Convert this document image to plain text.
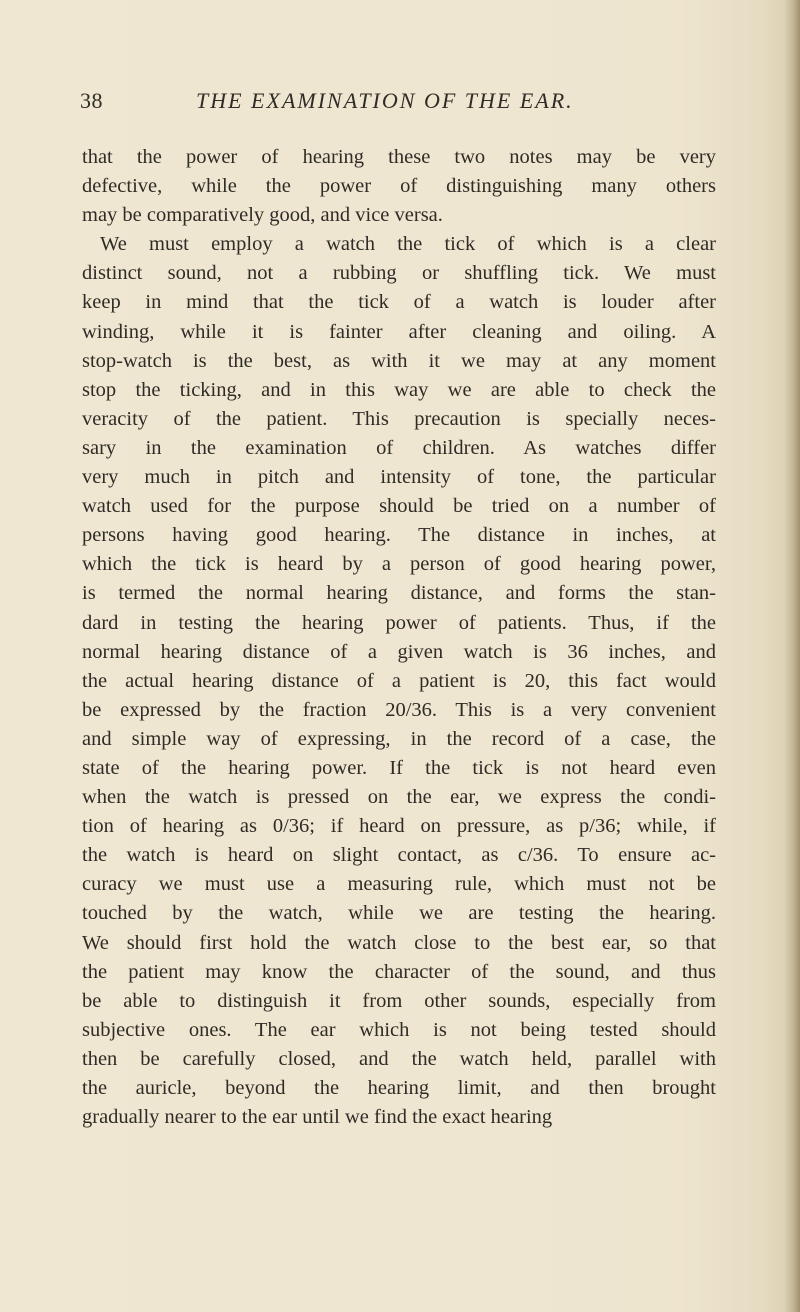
38	THE EXAMINATION OF THE EAR.
that the power of hearing these two notes may be very
defective, while the power of distinguishing many others
may be comparatively good, and vice versa.
We must employ a watch the tick of which is a clear
distinct sound, not a rubbing or shuffling tick. We must
keep in mind that the tick of a watch is louder after
winding, while it is fainter after cleaning and oiling. A
stop-watch is the best, as with it we may at any moment
stop the ticking, and in this way we are able to check the
veracity of the patient. This precaution is specially neces-
sary in the examination of children. As watches differ
very much in pitch and intensity of tone, the particular
watch used for the purpose should be tried on a number of
persons having good hearing. The distance in inches, at
which the tick is heard by a person of good hearing power,
is termed the normal hearing distance, and forms the stan-
dard in testing the hearing power of patients. Thus, if the
normal hearing distance of a given watch is 36 inches, and
the actual hearing distance of a patient is 20, this fact would
be expressed by the fraction 20/36. This is a very convenient
and simple way of expressing, in the record of a case, the
state of the hearing power. If the tick is not heard even
when the watch is pressed on the ear, we express the condi-
tion of hearing as 0/36; if heard on pressure, as p/36; while, if
the watch is heard on slight contact, as c/36. To ensure ac-
curacy we must use a measuring rule, which must not be
touched by the watch, while we are testing the hearing.
We should first hold the watch close to the best ear, so that
the patient may know the character of the sound, and thus
be able to distinguish it from other sounds, especially from
subjective ones. The ear which is not being tested should
then be carefully closed, and the watch held, parallel with
the auricle, beyond the hearing limit, and then brought
gradually nearer to the ear until we find the exact hearing
